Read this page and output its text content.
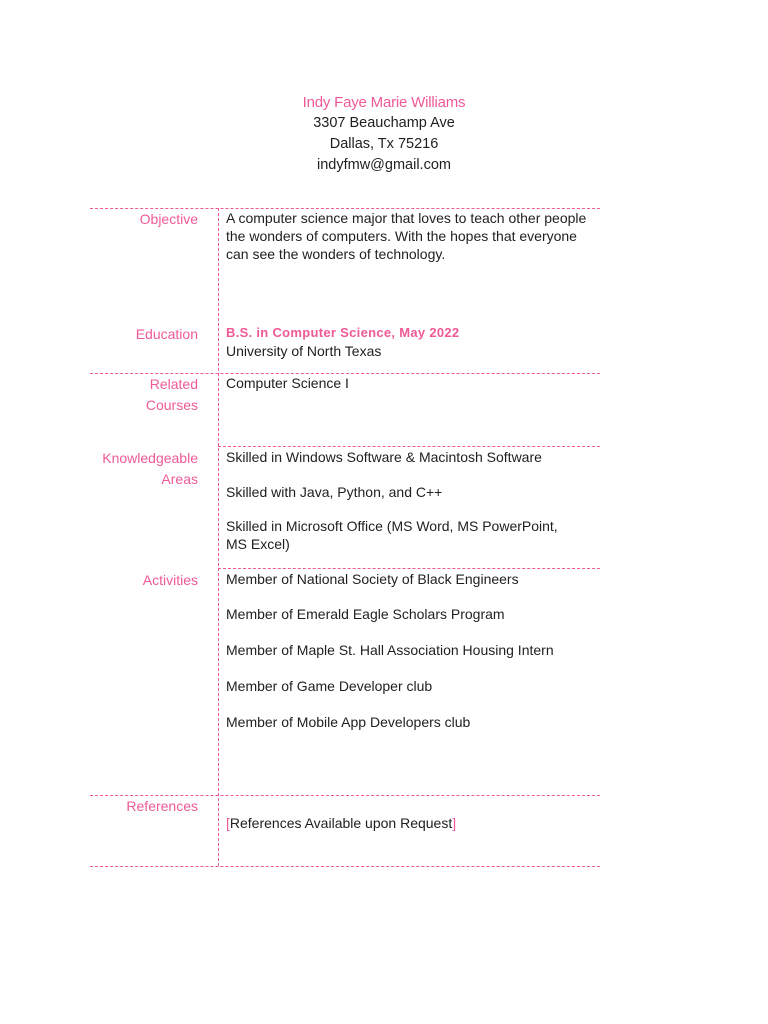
Indy Faye Marie Williams
3307 Beauchamp Ave
Dallas, Tx 75216
indyfmw@gmail.com
Objective A computer science major that loves to teach other people the wonders of computers. With the hopes that everyone can see the wonders of technology.
Education B.S. in Computer Science, May 2022
University of North Texas
Related
Courses
Computer Science I
Knowledgeable
Areas
Skilled in Windows Software & Macintosh Software
Skilled with Java, Python, and C++
Skilled in Microsoft Office (MS Word, MS PowerPoint, MS Excel)
Activities Member of National Society of Black Engineers
Member of Emerald Eagle Scholars Program
Member of Maple St. Hall Association Housing Intern
Member of Game Developer club
Member of Mobile App Developers club
References
[References Available upon Request]
